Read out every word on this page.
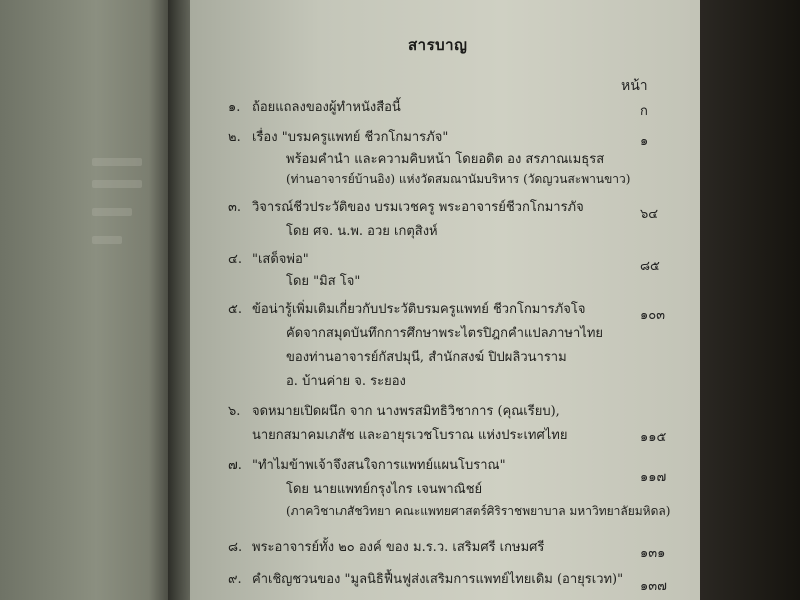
สารบาญ
หน้า
๑. ถ้อยแถลงของผู้ทำหนังสือนี้	ก
๒. เรื่อง "บรมครูแพทย์ ชีวกโกมารภัจ"
พร้อมคำนำ และความคิบหน้า โดยอดิต อง สรภาณเมธุรส
(ท่านอาจารย์บ้านอิง) แห่งวัดสมณานัมบริหาร (วัดญวนสะพานขาว)
๑
๓. วิจารณ์ชีวประวัติของ บรมเวชครู พระอาจารย์ชีวกโกมารภัจ
โดย ศจ. น.พ. อวย เกตุสิงห์
๖๔
๔. "เสด็จพ่อ"
โดย "มิส โจ"
๘๕
๕. ข้อน่ารู้เพิ่มเติมเกี่ยวกับประวัติบรมครูแพทย์ ชีวกโกมารภัจโจ
คัดจากสมุดบันทึกการศึกษาพระไตรปิฎกคำแปลภาษาไทย
ของท่านอาจารย์กัสปมุนี, สำนักสงฆ์ ปิปผลิวนาราม
อ. บ้านค่าย จ. ระยอง
๑๐๓
๖. จดหมายเปิดผนึก จาก นางพรสมิทธิวิชาการ (คุณเรียบ),
นายกสมาคมเภสัช และอายุรเวชโบราณ แห่งประเทศไทย	๑๑๕
๗. "ทำไมข้าพเจ้าจึงสนใจการแพทย์แผนโบราณ"
โดย นายแพทย์กรุงไกร เจนพาณิชย์
(ภาควิชาเภสัชวิทยา คณะแพทยศาสตร์ศิริราชพยาบาล มหาวิทยาลัยมหิดล)
๑๑๗
๘. พระอาจารย์ทั้ง ๒๐ องค์ ของ ม.ร.ว. เสริมศรี เกษมศรี	๑๓๑
๙. คำเชิญชวนของ "มูลนิธิฟื้นฟูส่งเสริมการแพทย์ไทยเดิม (อายุรเวท)" ๑๓๗
